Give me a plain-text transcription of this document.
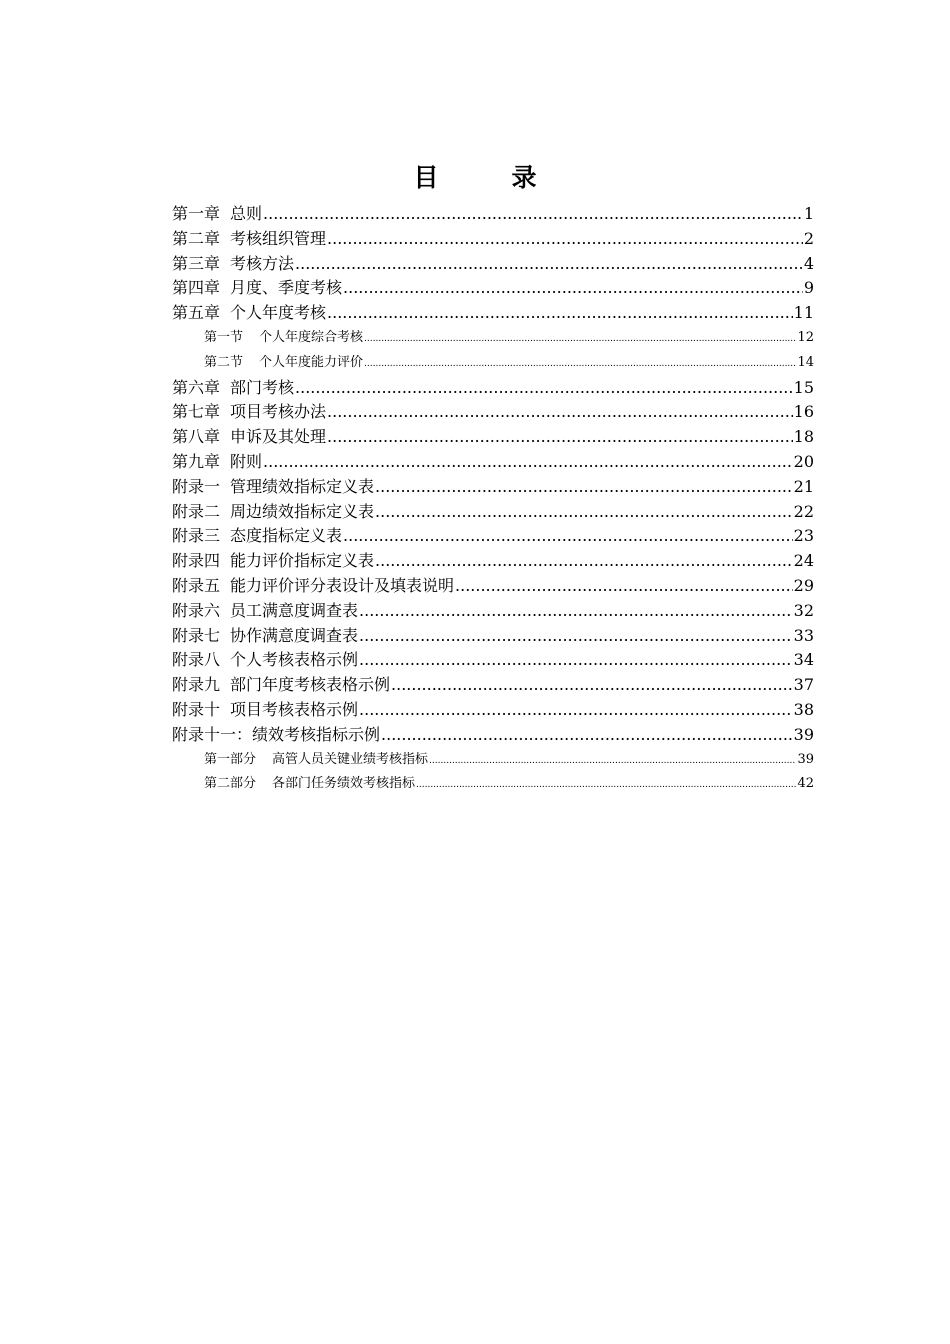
目　录
第一章 总则 .....	1
第二章 考核组织管理 .....	2
第三章 考核方法 .....	4
第四章 月度、季度考核 .....	9
第五章 个人年度考核 .....	11
第一节 个人年度综合考核 .....	12
第二节 个人年度能力评价 .....	14
第六章 部门考核 .....	15
第七章 项目考核办法 .....	16
第八章 申诉及其处理 .....	18
第九章 附则 .....	20
附录一 管理绩效指标定义表 .....	21
附录二 周边绩效指标定义表 .....	22
附录三 态度指标定义表 .....	23
附录四 能力评价指标定义表 .....	24
附录五 能力评价评分表设计及填表说明 .....	29
附录六 员工满意度调查表 .....	32
附录七 协作满意度调查表 .....	33
附录八 个人考核表格示例 .....	34
附录九 部门年度考核表格示例 .....	37
附录十 项目考核表格示例 .....	38
附录十一： 绩效考核指标示例 .....	39
第一部分 高管人员关键业绩考核指标 .....	39
第二部分 各部门任务绩效考核指标 .....	42
